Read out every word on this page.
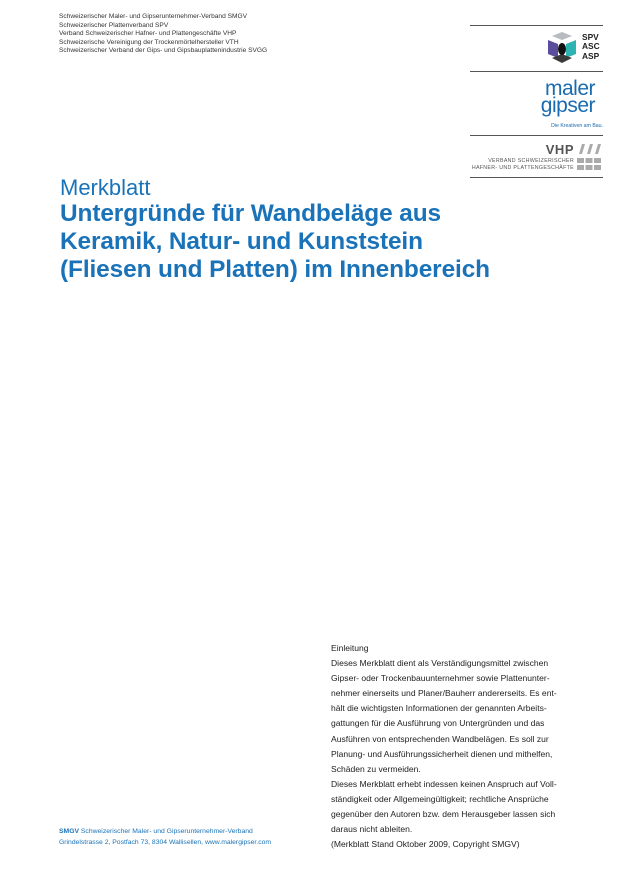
Schweizerischer Maler- und Gipserunternehmer-Verband SMGV
Schweizerischer Plattenverband SPV
Verband Schweizerischer Hafner- und Plattengeschäfte VHP
Schweizerische Vereinigung der Trockenmörtelhersteller VTH
Schweizerischer Verband der Gips- und Gipsbauplattenindustrie SVGG
SPV
ASC
ASP
maler
gipser
Die Kreativen am Bau.
VHP
VERBAND SCHWEIZERISCHER
HAFNER- UND PLATTENGESCHÄFTE
Merkblatt
Untergründe für Wandbeläge aus
Keramik, Natur- und Kunststein
(Fliesen und Platten) im Innenbereich

Einleitung

Dieses Merkblatt dient als Verständigungsmittel zwischen

Gipser- oder Trockenbauunternehmer sowie Plattenunter-

nehmer einerseits und Planer/Bauherr andererseits. Es ent-

hält die wichtigsten Informationen der genannten Arbeits-

gattungen für die Ausführung von Untergründen und das

Ausführen von entsprechenden Wandbelägen. Es soll zur

Planung- und Ausführungssicherheit dienen und mithelfen,

Schäden zu vermeiden.

Dieses Merkblatt erhebt indessen keinen Anspruch auf Voll-

ständigkeit oder Allgemeingültigkeit; rechtliche Ansprüche

gegenüber den Autoren bzw. dem Herausgeber lassen sich

daraus nicht ableiten.

(Merkblatt Stand Oktober 2009, Copyright SMGV)

SMGV Schweizerischer Maler- und Gipserunternehmer-Verband
Grindelstrasse 2, Postfach 73, 8304 Wallisellen, www.malergipser.com
